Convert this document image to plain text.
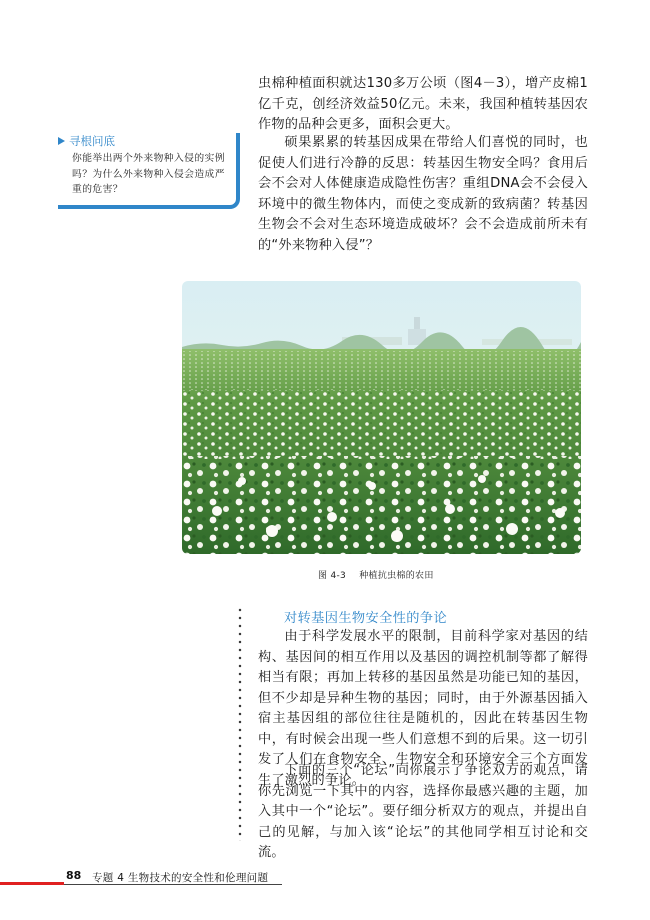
虫棉种植面积就达130多万公顷（图4－3），增产皮棉1亿千克，创经济效益50亿元。未来，我国种植转基因农作物的品种会更多，面积会更大。

寻根问底

你能举出两个外来物种入侵的实例吗？为什么外来物种入侵会造成严重的危害？

硕果累累的转基因成果在带给人们喜悦的同时，也促使人们进行冷静的反思：转基因生物安全吗？食用后会不会对人体健康造成隐性伤害？重组DNA会不会侵入环境中的微生物体内，而使之变成新的致病菌？转基因生物会不会对生态环境造成破坏？会不会造成前所未有的“外来物种入侵”？

图 4-3 种植抗虫棉的农田
对转基因生物安全性的争论

由于科学发展水平的限制，目前科学家对基因的结构、基因间的相互作用以及基因的调控机制等都了解得相当有限；再加上转移的基因虽然是功能已知的基因，但不少却是异种生物的基因；同时，由于外源基因插入宿主基因组的部位往往是随机的，因此在转基因生物中，有时候会出现一些人们意想不到的后果。这一切引发了人们在食物安全、生物安全和环境安全三个方面发生了激烈的争论。

下面的三个“论坛”向你展示了争论双方的观点，请你先浏览一下其中的内容，选择你最感兴趣的主题，加入其中一个“论坛”。要仔细分析双方的观点，并提出自己的见解，与加入该“论坛”的其他同学相互讨论和交流。

88 专题 4 生物技术的安全性和伦理问题
